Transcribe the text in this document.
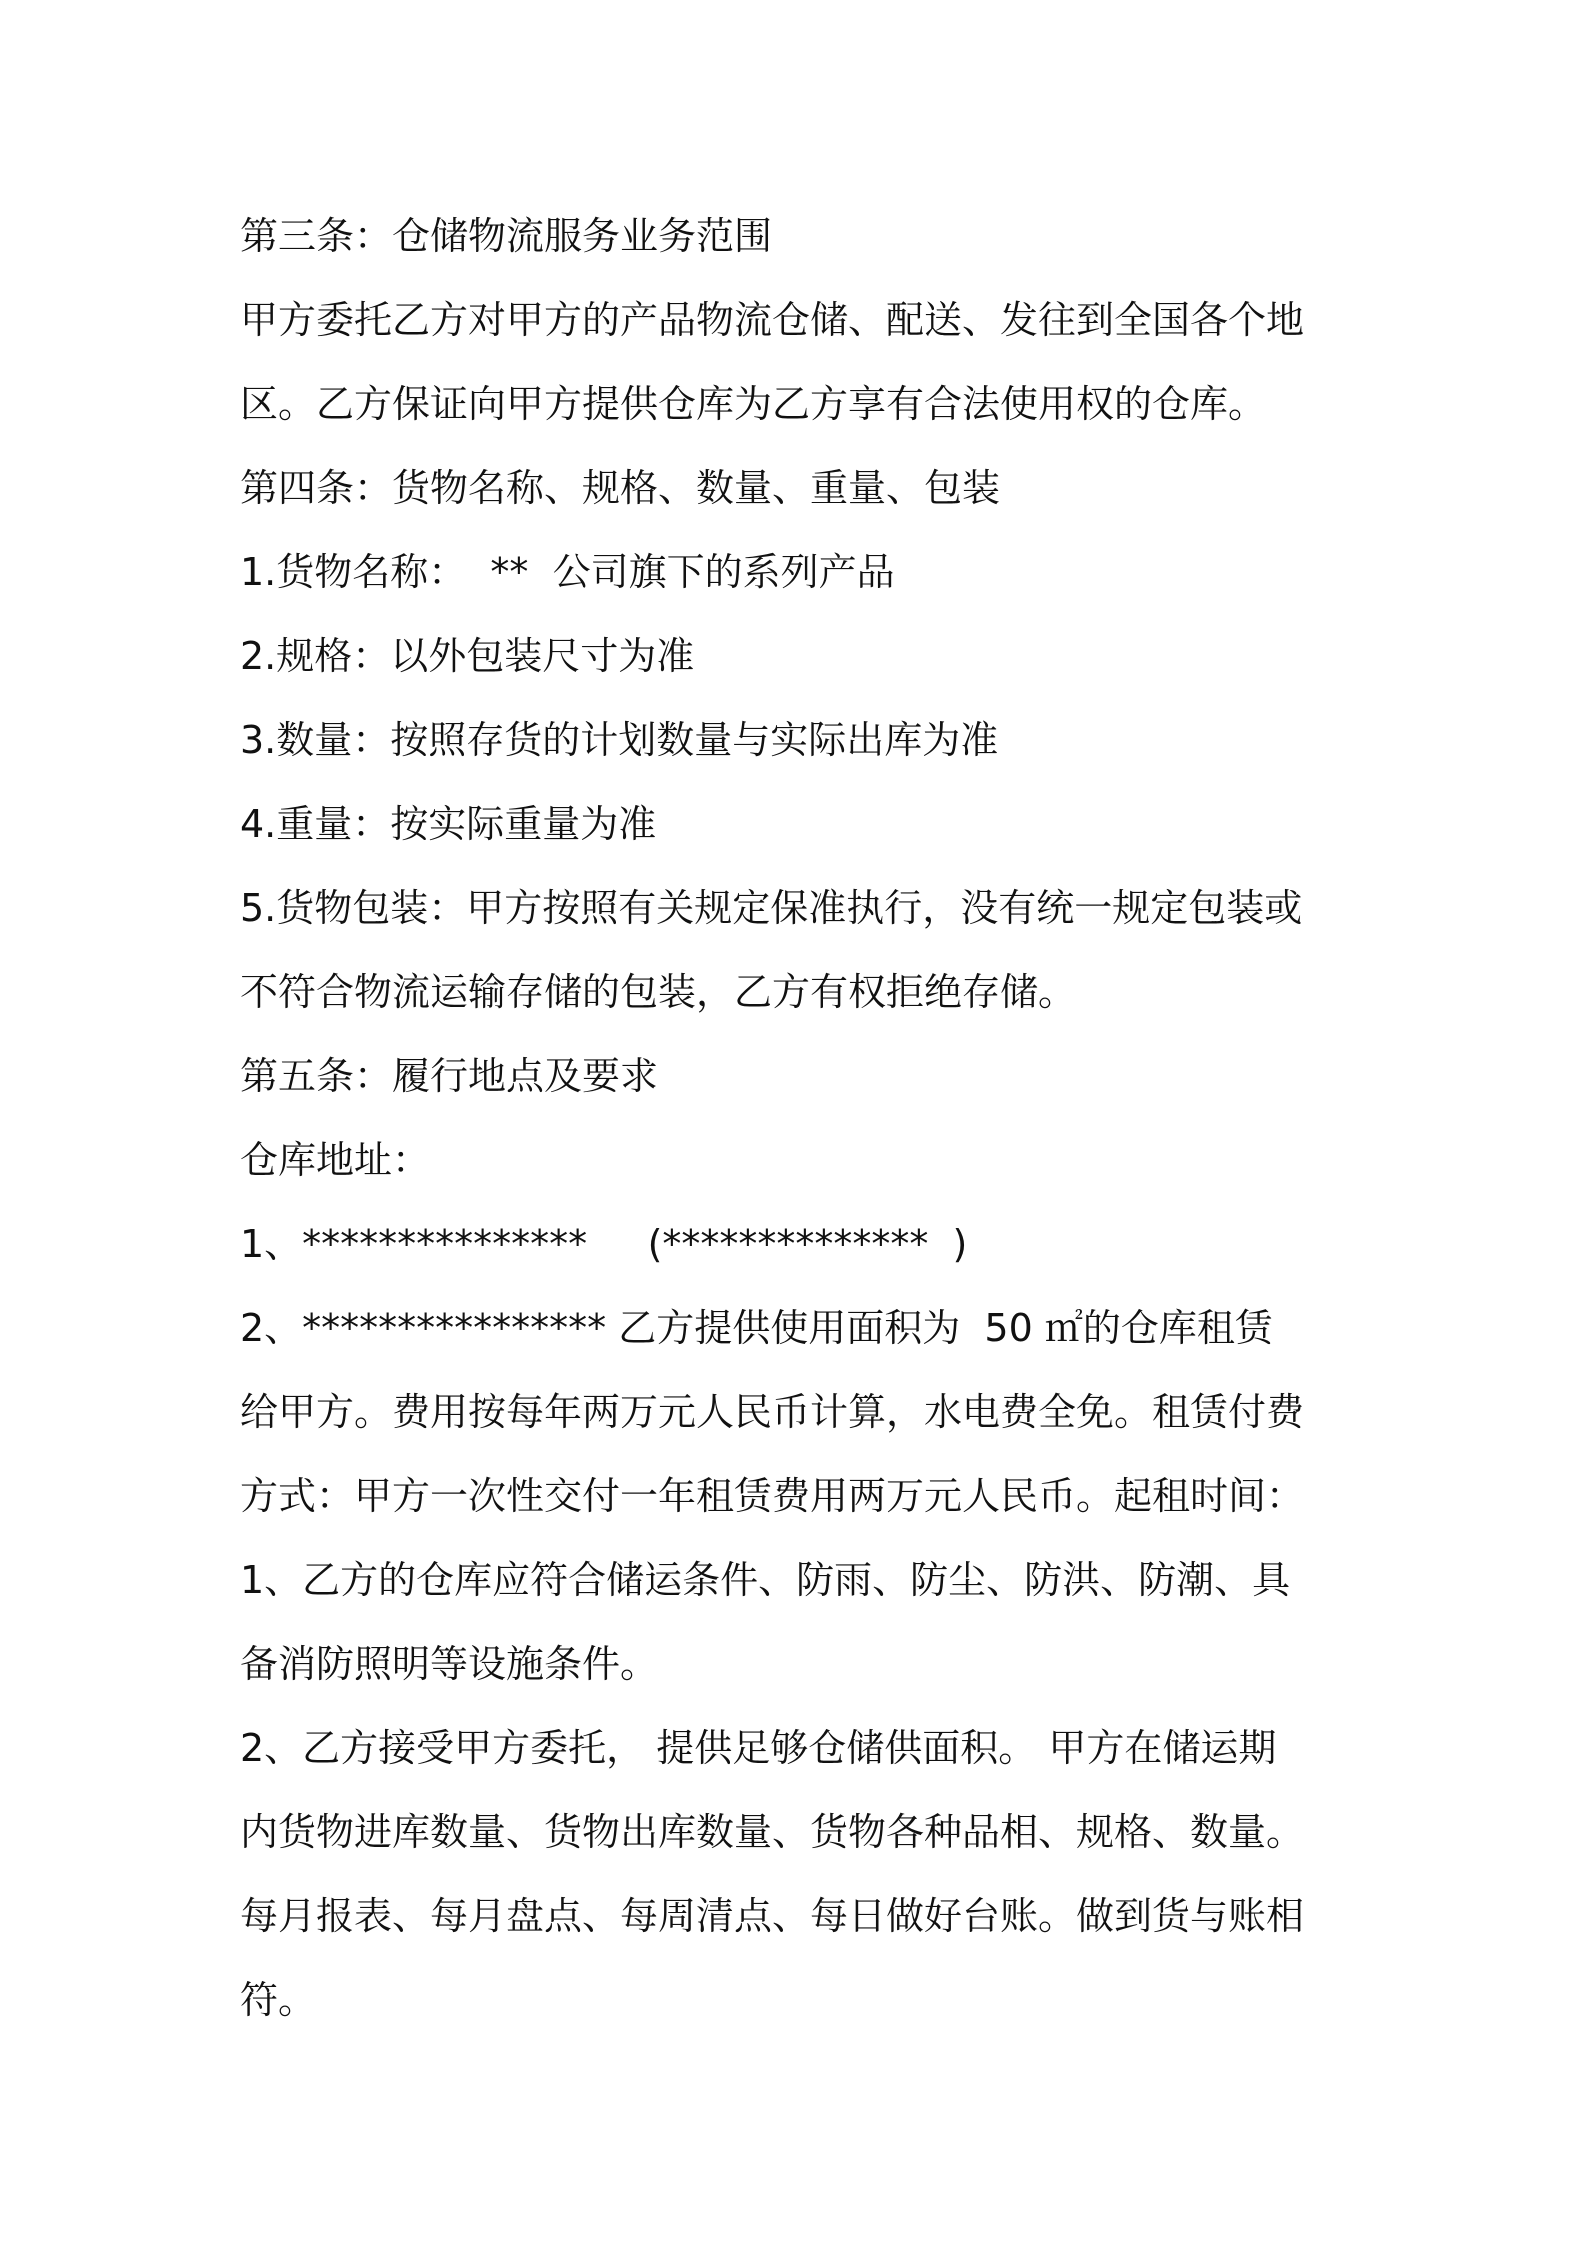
第三条：仓储物流服务业务范围
甲方委托乙方对甲方的产品物流仓储、配送、发往到全国各个地
区。乙方保证向甲方提供仓库为乙方享有合法使用权的仓库。
第四条：货物名称、规格、数量、重量、包装
1.货物名称：  **  公司旗下的系列产品
2.规格：以外包装尺寸为准
3.数量：按照存货的计划数量与实际出库为准
4.重量：按实际重量为准
5.货物包装：甲方按照有关规定保准执行，没有统一规定包装或
不符合物流运输存储的包装，乙方有权拒绝存储。
第五条：履行地点及要求
仓库地址：
1、***************     (**************  )
2、**************** 乙方提供使用面积为  50 ㎡的仓库租赁
给甲方。费用按每年两万元人民币计算，水电费全免。租赁付费
方式：甲方一次性交付一年租赁费用两万元人民币。起租时间：
1、乙方的仓库应符合储运条件、防雨、防尘、防洪、防潮、具
备消防照明等设施条件。
2、乙方接受甲方委托， 提供足够仓储供面积。 甲方在储运期
内货物进库数量、货物出库数量、货物各种品相、规格、数量。
每月报表、每月盘点、每周清点、每日做好台账。做到货与账相
符。
